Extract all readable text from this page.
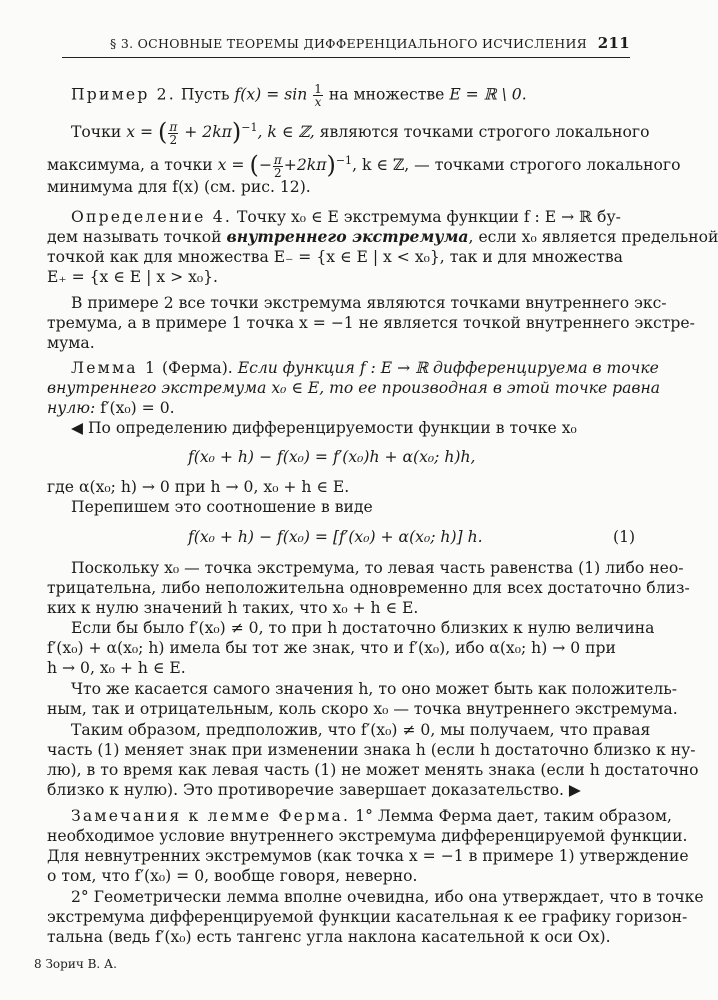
§ 3. ОСНОВНЫЕ ТЕОРЕМЫ ДИФФЕРЕНЦИАЛЬНОГО ИСЧИСЛЕНИЯ 211
Пример 2. Пусть $f(x) = \sin \frac{1}{x}$ на множестве E = ℝ \ 0.
Точки x = ( $\frac{\pi}{2} + 2k\pi)^{-1}$, k ∈ ℤ, являются точками строгого локального
максимума, а точки x = (− $\frac{\pi}{2} +2k\pi)^{-1}$, k ∈ ℤ, — точками строгого локального
минимума для f(x) (см. рис. 12).
Определение 4. Точку x₀ ∈ E экстремума функции f : E → ℝ бу-
дем называть точкой внутреннего экстремума, если x₀ является предельной
точкой как для множества E₋ = {x ∈ E | x < x₀}, так и для множества
E₊ = {x ∈ E | x > x₀}.
В примере 2 все точки экстремума являются точками внутреннего экс-
тремума, а в примере 1 точка x = −1 не является точкой внутреннего экстре-
мума.
Лемма 1 (Ферма). Если функция f : E → ℝ дифференцируема в точке
внутреннего экстремума x₀ ∈ E, то ее производная в этой точке равна
нулю: f′(x₀) = 0.
◀ По определению дифференцируемости функции в точке x₀
f(x₀ + h) − f(x₀) = f′(x₀)h + α(x₀; h)h,
где α(x₀; h) → 0 при h → 0, x₀ + h ∈ E.
Перепишем это соотношение в виде
f(x₀ + h) − f(x₀) = [f′(x₀) + α(x₀; h)] h.	(1)
Поскольку x₀ — точка экстремума, то левая часть равенства (1) либо нео-
трицательна, либо неположительна одновременно для всех достаточно близ-
ких к нулю значений h таких, что x₀ + h ∈ E.
Если бы было f′(x₀) ≠ 0, то при h достаточно близких к нулю величина
f′(x₀) + α(x₀; h) имела бы тот же знак, что и f′(x₀), ибо α(x₀; h) → 0 при
h → 0, x₀ + h ∈ E.
Что же касается самого значения h, то оно может быть как положитель-
ным, так и отрицательным, коль скоро x₀ — точка внутреннего экстремума.
Таким образом, предположив, что f′(x₀) ≠ 0, мы получаем, что правая
часть (1) меняет знак при изменении знака h (если h достаточно близко к ну-
лю), в то время как левая часть (1) не может менять знака (если h достаточно
близко к нулю). Это противоречие завершает доказательство. ▶
Замечания к лемме Ферма. 1° Лемма Ферма дает, таким образом,
необходимое условие внутреннего экстремума дифференцируемой функции.
Для невнутренних экстремумов (как точка x = −1 в примере 1) утверждение
о том, что f′(x₀) = 0, вообще говоря, неверно.
2° Геометрически лемма вполне очевидна, ибо она утверждает, что в точке
экстремума дифференцируемой функции касательная к ее графику горизон-
тальна (ведь f′(x₀) есть тангенс угла наклона касательной к оси Ox).
8 Зорич В. А.
